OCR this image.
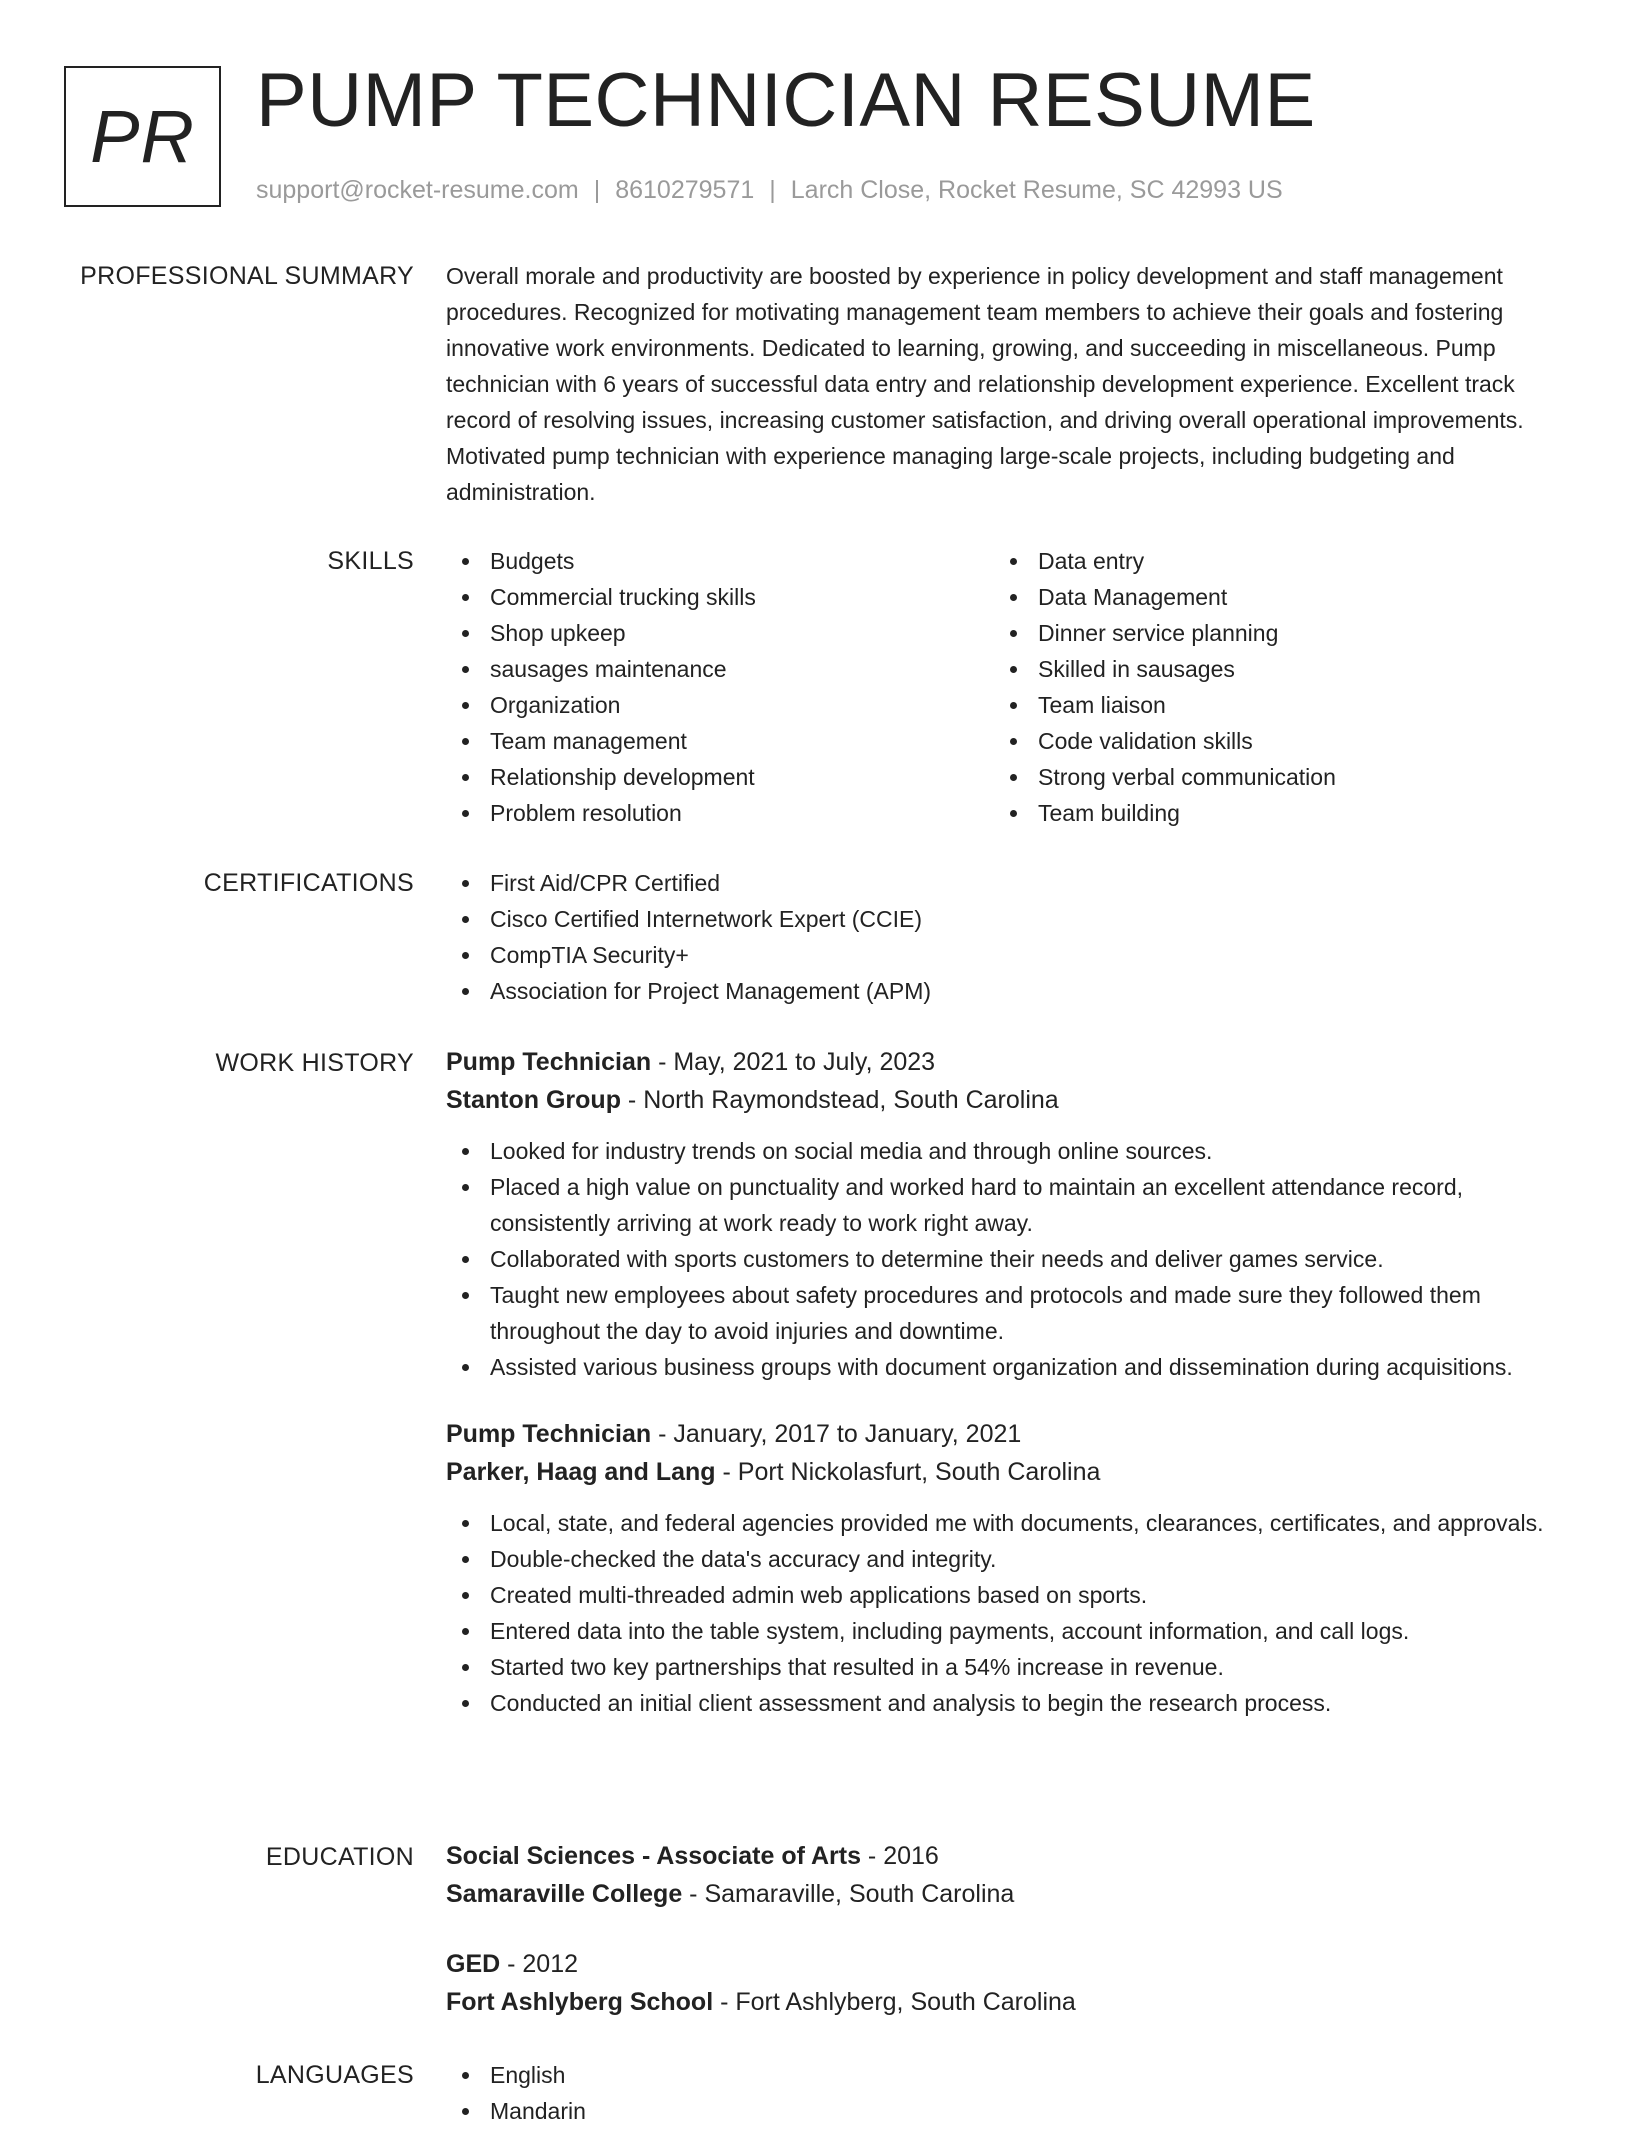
PR PUMP TECHNICIAN RESUME
support@rocket-resume.com | 8610279571 | Larch Close, Rocket Resume, SC 42993 US
PROFESSIONAL SUMMARY Overall morale and productivity are boosted by experience in policy development and staff management procedures. Recognized for motivating management team members to achieve their goals and fostering innovative work environments. Dedicated to learning, growing, and succeeding in miscellaneous. Pump technician with 6 years of successful data entry and relationship development experience. Excellent track record of resolving issues, increasing customer satisfaction, and driving overall operational improvements. Motivated pump technician with experience managing large-scale projects, including budgeting and administration.

SKILLS	Budgets
Commercial trucking skills
Shop upkeep
sausages maintenance
Organization
Team management
Relationship development
Problem resolution
Data entry
Data Management
Dinner service planning
Skilled in sausages
Team liaison
Code validation skills
Strong verbal communication
Team building
CERTIFICATIONS	First Aid/CPR Certified
Cisco Certified Internetwork Expert (CCIE)
CompTIA Security+
Association for Project Management (APM)
WORK HISTORY Pump Technician - May, 2021 to July, 2023
Stanton Group - North Raymondstead, South Carolina
Looked for industry trends on social media and through online sources.
Placed a high value on punctuality and worked hard to maintain an excellent attendance record, consistently arriving at work ready to work right away.
Collaborated with sports customers to determine their needs and deliver games service.
Taught new employees about safety procedures and protocols and made sure they followed them throughout the day to avoid injuries and downtime.
Assisted various business groups with document organization and dissemination during acquisitions.
Pump Technician - January, 2017 to January, 2021
Parker, Haag and Lang - Port Nickolasfurt, South Carolina
Local, state, and federal agencies provided me with documents, clearances, certificates, and approvals.
Double-checked the data's accuracy and integrity.
Created multi-threaded admin web applications based on sports.
Entered data into the table system, including payments, account information, and call logs.
Started two key partnerships that resulted in a 54% increase in revenue.
Conducted an initial client assessment and analysis to begin the research process.
EDUCATION Social Sciences - Associate of Arts - 2016
Samaraville College - Samaraville, South Carolina
GED - 2012
Fort Ashlyberg School - Fort Ashlyberg, South Carolina
LANGUAGES	English
Mandarin
